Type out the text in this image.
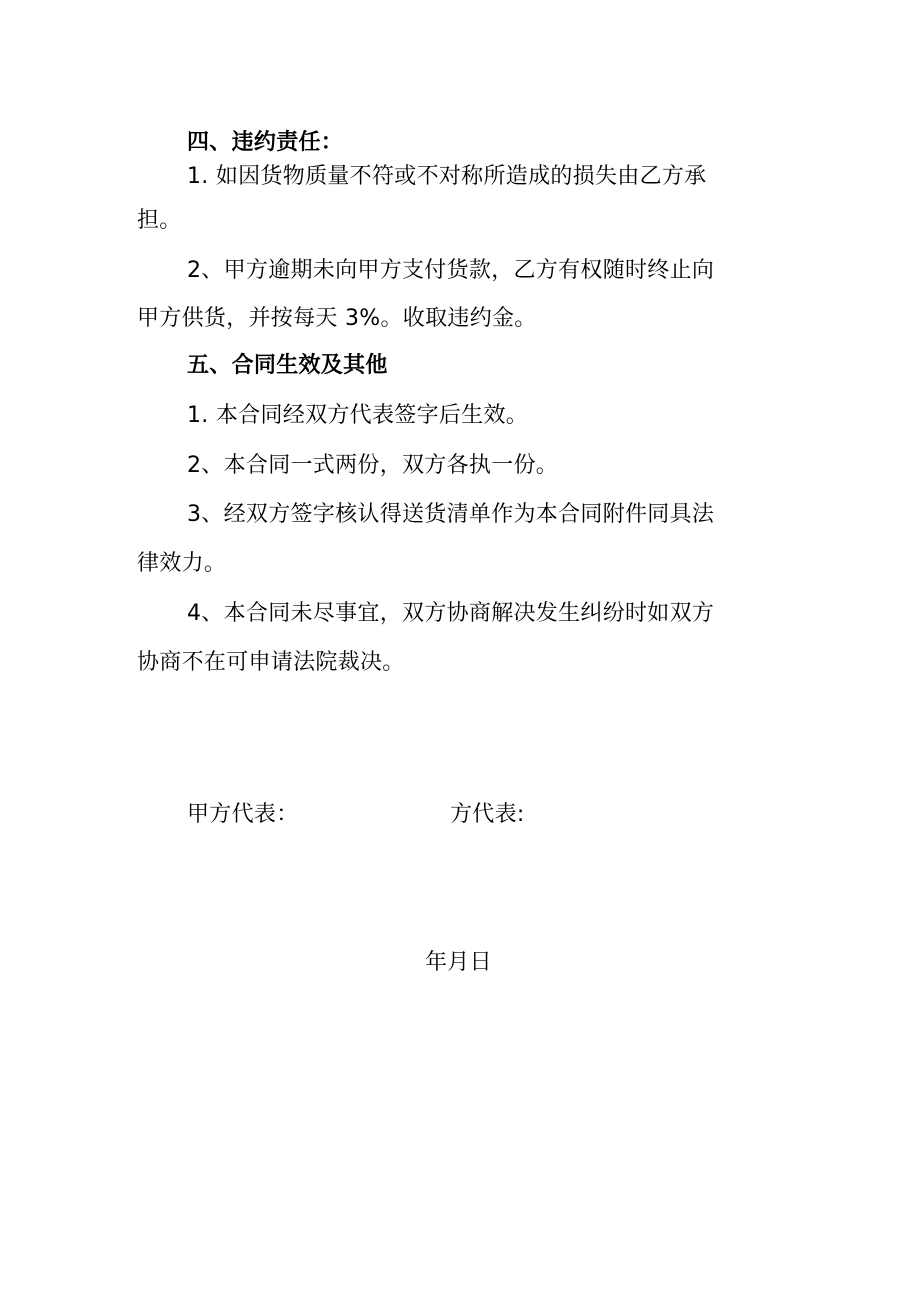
四、违约责任：
1. 如因货物质量不符或不对称所造成的损失由乙方承
担。
2、甲方逾期未向甲方支付货款，乙方有权随时终止向
甲方供货，并按每天 3%。收取违约金。
五、合同生效及其他
1. 本合同经双方代表签字后生效。
2、本合同一式两份，双方各执一份。
3、经双方签字核认得送货清单作为本合同附件同具法
律效力。
4、本合同未尽事宜，双方协商解决发生纠纷时如双方
协商不在可申请法院裁决。
甲方代表：	方代表:
年月日
